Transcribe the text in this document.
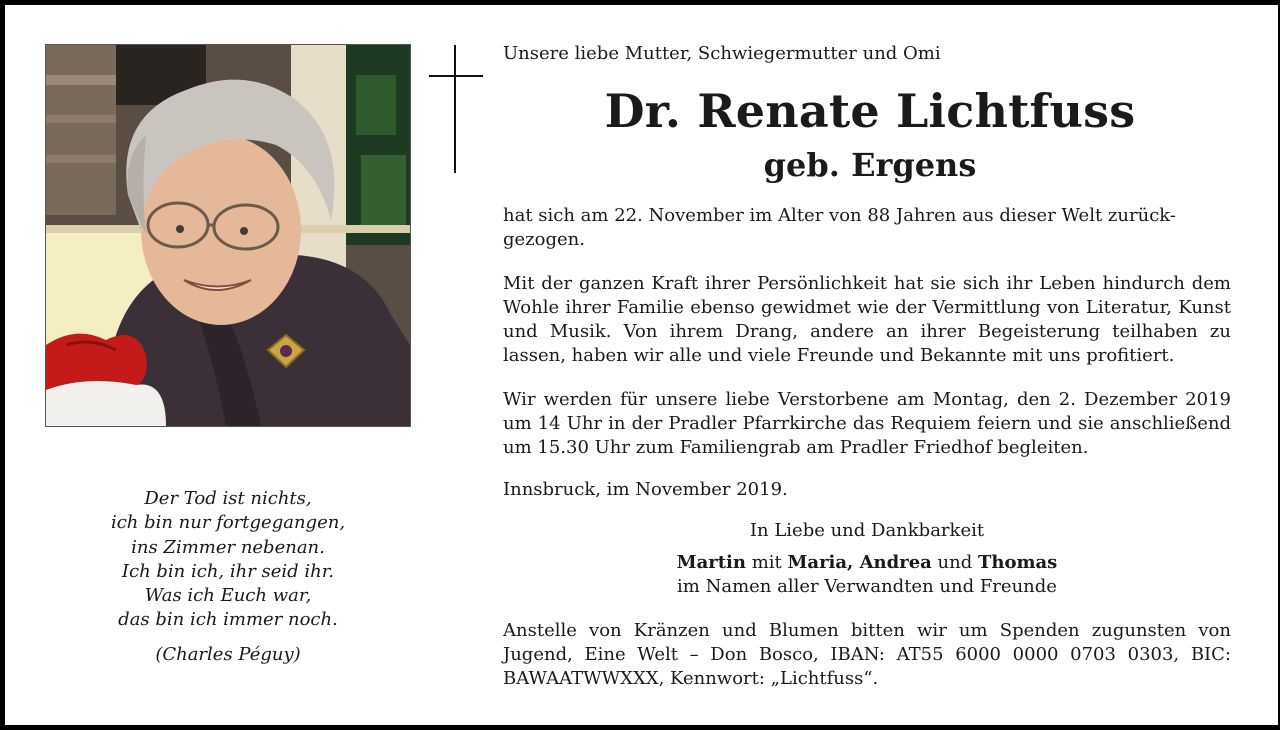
Unsere liebe Mutter, Schwiegermutter und Omi
Dr. Renate Lichtfuss
geb. Ergens
hat sich am 22. November im Alter von 88 Jahren aus dieser Welt zurück-
gezogen.
Mit der ganzen Kraft ihrer Persönlichkeit hat sie sich ihr Leben hindurch dem Wohle ihrer Familie ebenso gewidmet wie der Vermittlung von Literatur, Kunst und Musik. Von ihrem Drang, andere an ihrer Begeisterung teilhaben zu lassen, haben wir alle und viele Freunde und Bekannte mit uns profitiert.
Wir werden für unsere liebe Verstorbene am Montag, den 2. Dezember 2019 um 14 Uhr in der Pradler Pfarrkirche das Requiem feiern und sie anschließend um 15.30 Uhr zum Familiengrab am Pradler Friedhof begleiten.
Innsbruck, im November 2019.
In Liebe und Dankbarkeit
Martin mit Maria, Andrea und Thomas
im Namen aller Verwandten und Freunde
Anstelle von Kränzen und Blumen bitten wir um Spenden zugunsten von Jugend, Eine Welt – Don Bosco, IBAN: AT55 6000 0000 0703 0303, BIC: BAWAATWWXXX, Kennwort: „Lichtfuss“.
Der Tod ist nichts,
ich bin nur fortgegangen,
ins Zimmer nebenan.
Ich bin ich, ihr seid ihr.
Was ich Euch war,
das bin ich immer noch.
(Charles Péguy)
